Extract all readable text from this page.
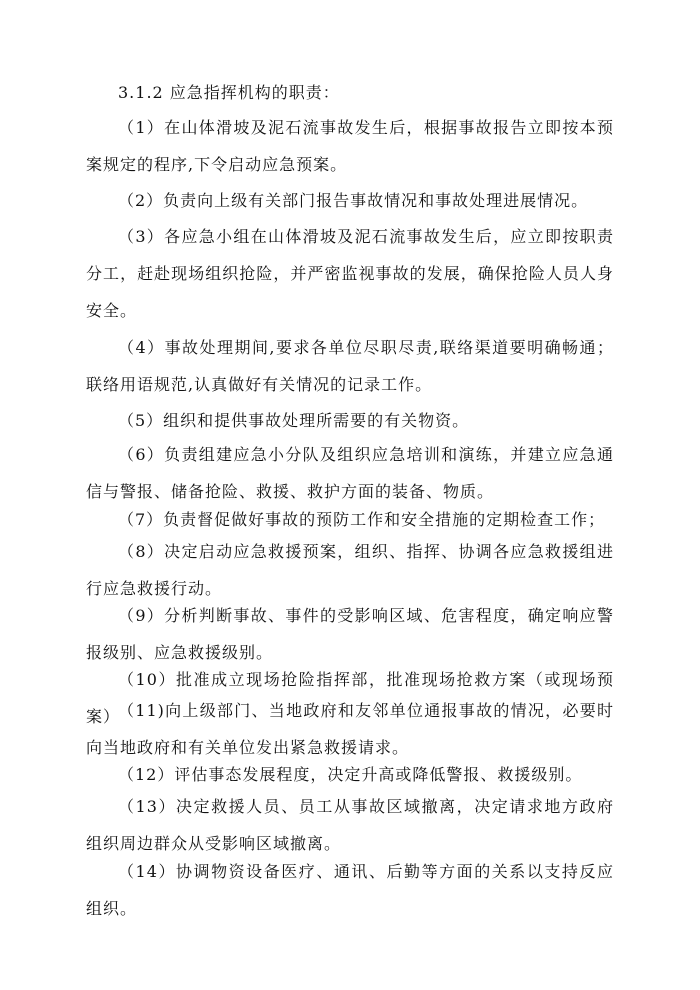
3.1.2 应急指挥机构的职责：

（1）在山体滑坡及泥石流事故发生后，根据事故报告立即按本预案规定的程序,下令启动应急预案。

（2）负责向上级有关部门报告事故情况和事故处理进展情况。

（3）各应急小组在山体滑坡及泥石流事故发生后，应立即按职责分工，赶赴现场组织抢险，并严密监视事故的发展，确保抢险人员人身安全。

（4）事故处理期间,要求各单位尽职尽责,联络渠道要明确畅通；联络用语规范,认真做好有关情况的记录工作。

（5）组织和提供事故处理所需要的有关物资。

（6）负责组建应急小分队及组织应急培训和演练，并建立应急通信与警报、储备抢险、救援、救护方面的装备、物质。

（7）负责督促做好事故的预防工作和安全措施的定期检查工作；

（8）决定启动应急救援预案，组织、指挥、协调各应急救援组进行应急救援行动。

（9）分析判断事故、事件的受影响区域、危害程度，确定响应警报级别、应急救援级别。

（10）批准成立现场抢险指挥部，批准现场抢救方案（或现场预案）

（11)向上级部门、当地政府和友邻单位通报事故的情况，必要时向当地政府和有关单位发出紧急救援请求。

（12）评估事态发展程度，决定升高或降低警报、救援级别。

（13）决定救援人员、员工从事故区域撤离，决定请求地方政府组织周边群众从受影响区域撤离。

（14）协调物资设备医疗、通讯、后勤等方面的关系以支持反应组织。
